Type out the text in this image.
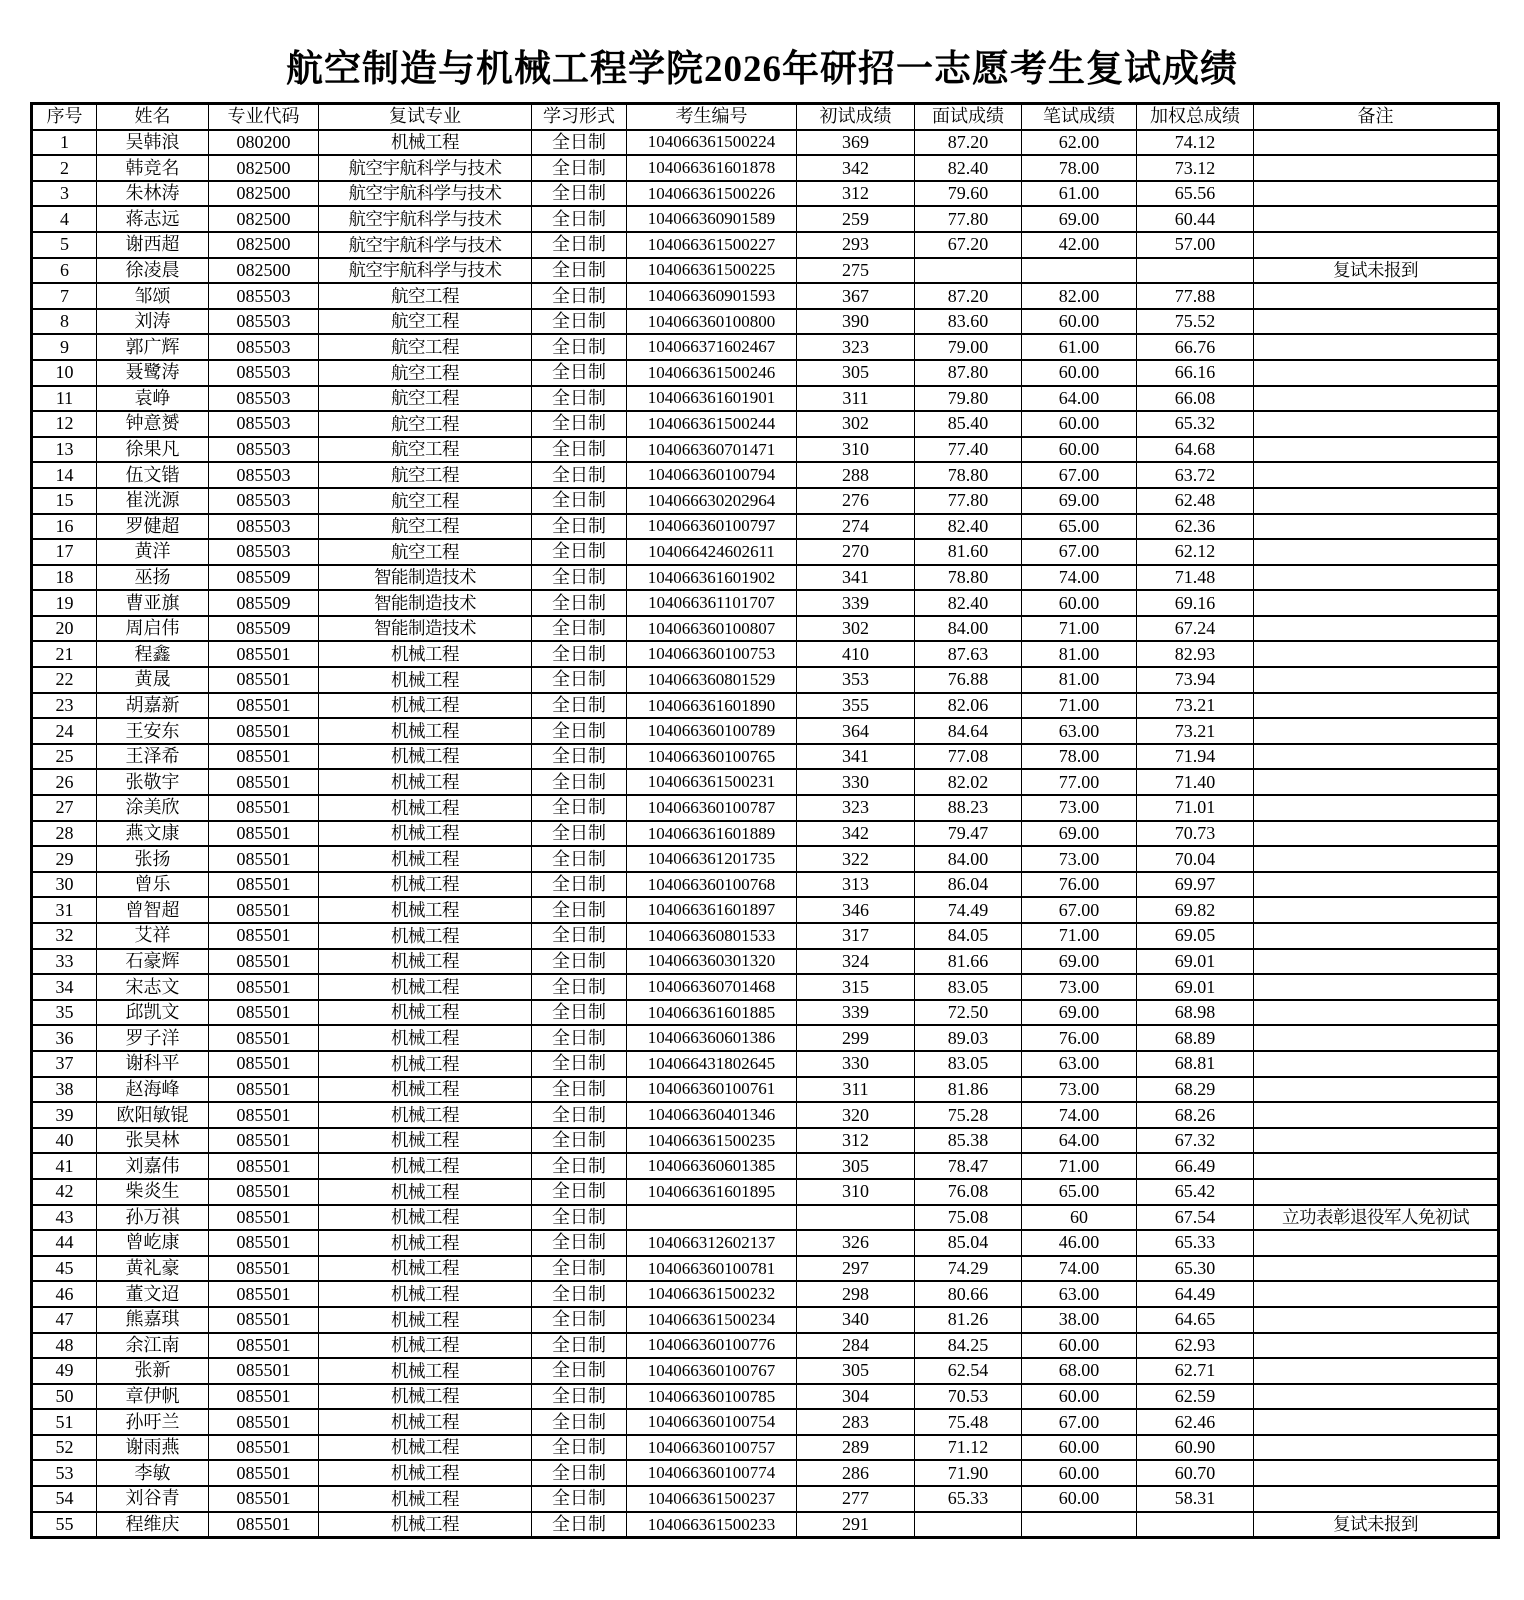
航空制造与机械工程学院2026年研招一志愿考生复试成绩
序号	姓名	专业代码	复试专业	学习形式	考生编号	初试成绩	面试成绩	笔试成绩	加权总成绩	备注
1	吴韩浪	080200	机械工程	全日制	104066361500224	369	87.20	62.00	74.12	
2	韩竞名	082500	航空宇航科学与技术	全日制	104066361601878	342	82.40	78.00	73.12	
3	朱林涛	082500	航空宇航科学与技术	全日制	104066361500226	312	79.60	61.00	65.56	
4	蒋志远	082500	航空宇航科学与技术	全日制	104066360901589	259	77.80	69.00	60.44	
5	谢西超	082500	航空宇航科学与技术	全日制	104066361500227	293	67.20	42.00	57.00	
6	徐凌晨	082500	航空宇航科学与技术	全日制	104066361500225	275				复试未报到
7	邹颂	085503	航空工程	全日制	104066360901593	367	87.20	82.00	77.88	
8	刘涛	085503	航空工程	全日制	104066360100800	390	83.60	60.00	75.52	
9	郭广辉	085503	航空工程	全日制	104066371602467	323	79.00	61.00	66.76	
10	聂鹭涛	085503	航空工程	全日制	104066361500246	305	87.80	60.00	66.16	
11	袁峥	085503	航空工程	全日制	104066361601901	311	79.80	64.00	66.08	
12	钟意赟	085503	航空工程	全日制	104066361500244	302	85.40	60.00	65.32	
13	徐果凡	085503	航空工程	全日制	104066360701471	310	77.40	60.00	64.68	
14	伍文锴	085503	航空工程	全日制	104066360100794	288	78.80	67.00	63.72	
15	崔洸源	085503	航空工程	全日制	104066630202964	276	77.80	69.00	62.48	
16	罗健超	085503	航空工程	全日制	104066360100797	274	82.40	65.00	62.36	
17	黄洋	085503	航空工程	全日制	104066424602611	270	81.60	67.00	62.12	
18	巫扬	085509	智能制造技术	全日制	104066361601902	341	78.80	74.00	71.48	
19	曹亚旗	085509	智能制造技术	全日制	104066361101707	339	82.40	60.00	69.16	
20	周启伟	085509	智能制造技术	全日制	104066360100807	302	84.00	71.00	67.24	
21	程鑫	085501	机械工程	全日制	104066360100753	410	87.63	81.00	82.93	
22	黄晟	085501	机械工程	全日制	104066360801529	353	76.88	81.00	73.94	
23	胡嘉新	085501	机械工程	全日制	104066361601890	355	82.06	71.00	73.21	
24	王安东	085501	机械工程	全日制	104066360100789	364	84.64	63.00	73.21	
25	王泽希	085501	机械工程	全日制	104066360100765	341	77.08	78.00	71.94	
26	张敬宇	085501	机械工程	全日制	104066361500231	330	82.02	77.00	71.40	
27	涂美欣	085501	机械工程	全日制	104066360100787	323	88.23	73.00	71.01	
28	燕文康	085501	机械工程	全日制	104066361601889	342	79.47	69.00	70.73	
29	张扬	085501	机械工程	全日制	104066361201735	322	84.00	73.00	70.04	
30	曾乐	085501	机械工程	全日制	104066360100768	313	86.04	76.00	69.97	
31	曾智超	085501	机械工程	全日制	104066361601897	346	74.49	67.00	69.82	
32	艾祥	085501	机械工程	全日制	104066360801533	317	84.05	71.00	69.05	
33	石豪辉	085501	机械工程	全日制	104066360301320	324	81.66	69.00	69.01	
34	宋志文	085501	机械工程	全日制	104066360701468	315	83.05	73.00	69.01	
35	邱凯文	085501	机械工程	全日制	104066361601885	339	72.50	69.00	68.98	
36	罗子洋	085501	机械工程	全日制	104066360601386	299	89.03	76.00	68.89	
37	谢科平	085501	机械工程	全日制	104066431802645	330	83.05	63.00	68.81	
38	赵海峰	085501	机械工程	全日制	104066360100761	311	81.86	73.00	68.29	
39	欧阳敏锟	085501	机械工程	全日制	104066360401346	320	75.28	74.00	68.26	
40	张昊林	085501	机械工程	全日制	104066361500235	312	85.38	64.00	67.32	
41	刘嘉伟	085501	机械工程	全日制	104066360601385	305	78.47	71.00	66.49	
42	柴炎生	085501	机械工程	全日制	104066361601895	310	76.08	65.00	65.42	
43	孙万祺	085501	机械工程	全日制			75.08	60	67.54	立功表彰退役军人免初试
44	曾屹康	085501	机械工程	全日制	104066312602137	326	85.04	46.00	65.33	
45	黄礼豪	085501	机械工程	全日制	104066360100781	297	74.29	74.00	65.30	
46	董文迢	085501	机械工程	全日制	104066361500232	298	80.66	63.00	64.49	
47	熊嘉琪	085501	机械工程	全日制	104066361500234	340	81.26	38.00	64.65	
48	余江南	085501	机械工程	全日制	104066360100776	284	84.25	60.00	62.93	
49	张新	085501	机械工程	全日制	104066360100767	305	62.54	68.00	62.71	
50	章伊帆	085501	机械工程	全日制	104066360100785	304	70.53	60.00	62.59	
51	孙吁兰	085501	机械工程	全日制	104066360100754	283	75.48	67.00	62.46	
52	谢雨燕	085501	机械工程	全日制	104066360100757	289	71.12	60.00	60.90	
53	李敏	085501	机械工程	全日制	104066360100774	286	71.90	60.00	60.70	
54	刘谷青	085501	机械工程	全日制	104066361500237	277	65.33	60.00	58.31	
55	程维庆	085501	机械工程	全日制	104066361500233	291				复试未报到
